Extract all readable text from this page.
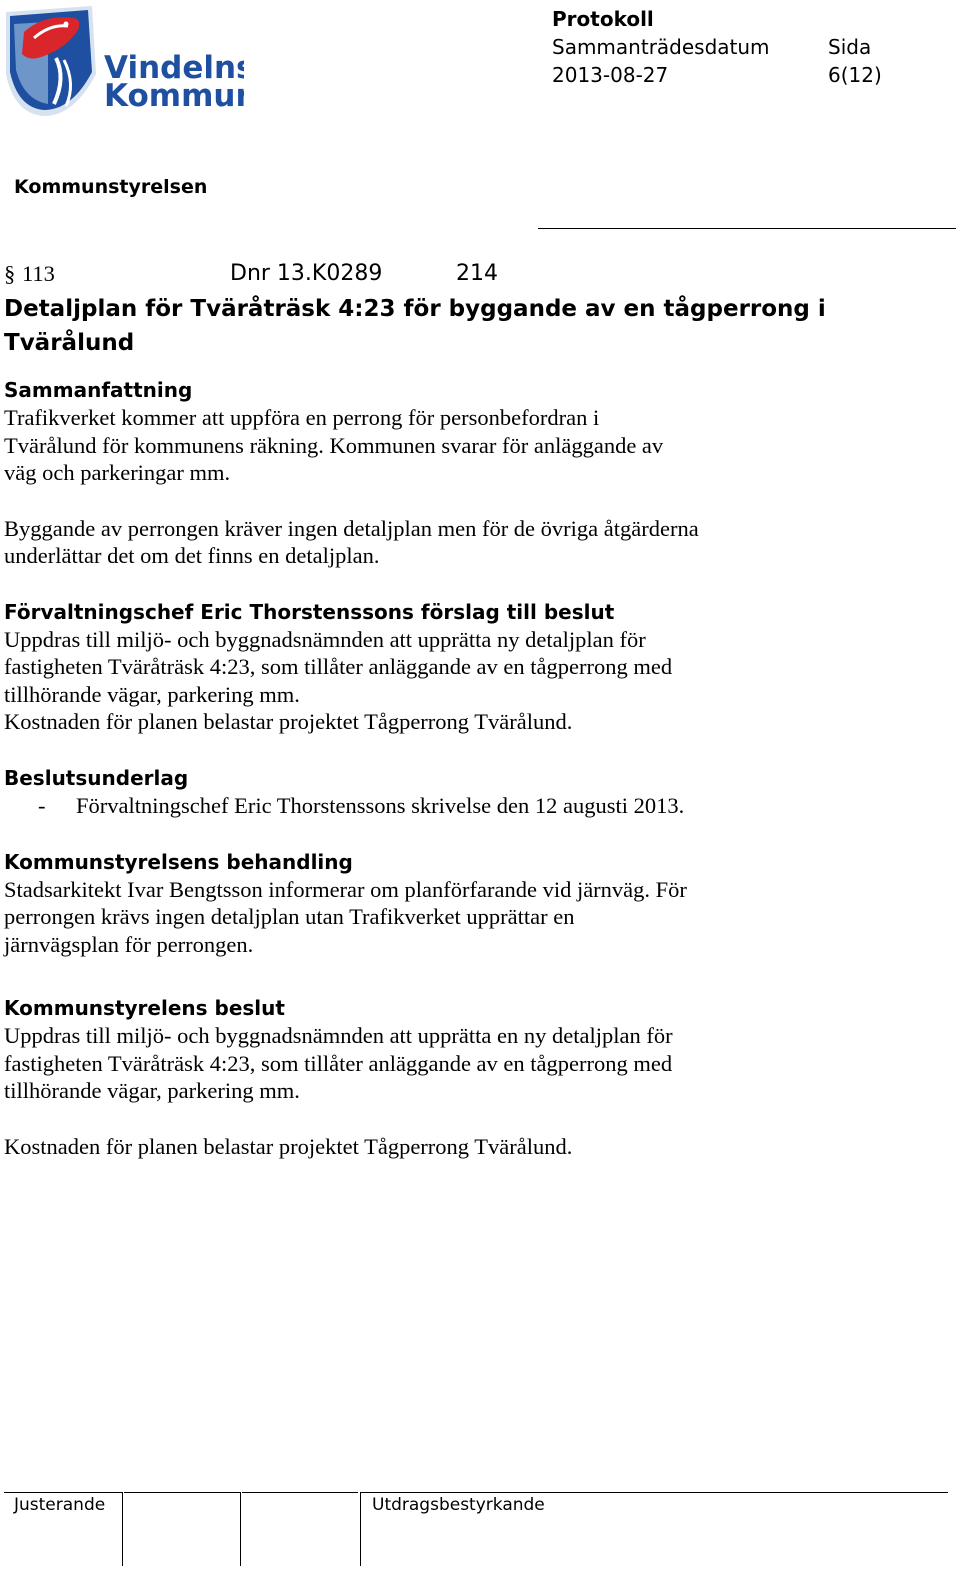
Vindelns
Kommun
Protokoll
Sammanträdesdatum	Sida
2013-08-27	6(12)
Kommunstyrelsen
§ 113	Dnr 13.K0289	214

Detaljplan för Tväråträsk 4:23 för byggande av en tågperrong i

Tvärålund

Sammanfattning

Trafikverket kommer att uppföra en perrong för personbefordran i
Tvärålund för kommunens räkning. Kommunen svarar för anläggande av
väg och parkeringar mm.

Byggande av perrongen kräver ingen detaljplan men för de övriga åtgärderna
underlättar det om det finns en detaljplan.

Förvaltningschef Eric Thorstenssons förslag till beslut

Uppdras till miljö- och byggnadsnämnden att upprätta ny detaljplan för
fastigheten Tväråträsk 4:23, som tillåter anläggande av en tågperrong med
tillhörande vägar, parkering mm.
Kostnaden för planen belastar projektet Tågperrong Tvärålund.

Beslutsunderlag

- Förvaltningschef Eric Thorstenssons skrivelse den 12 augusti 2013.

Kommunstyrelsens behandling

Stadsarkitekt Ivar Bengtsson informerar om planförfarande vid järnväg. För
perrongen krävs ingen detaljplan utan Trafikverket upprättar en
järnvägsplan för perrongen.

Kommunstyrelens beslut

Uppdras till miljö- och byggnadsnämnden att upprätta en ny detaljplan för
fastigheten Tväråträsk 4:23, som tillåter anläggande av en tågperrong med
tillhörande vägar, parkering mm.

Kostnaden för planen belastar projektet Tågperrong Tvärålund.

Justerande	Utdragsbestyrkande
